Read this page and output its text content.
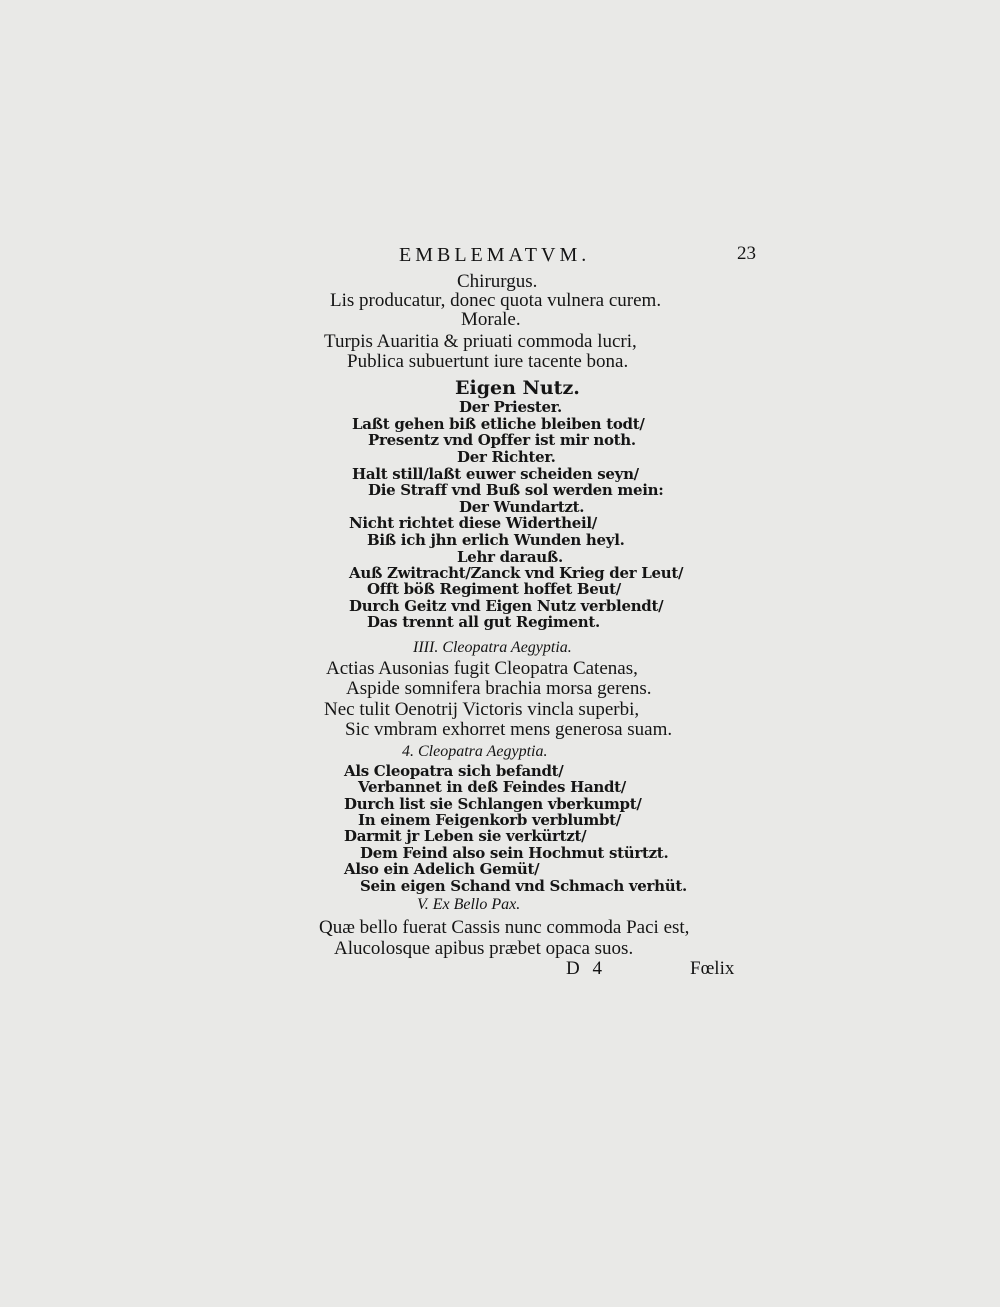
EMBLEMATVM.	23
Chirurgus.
Lis producatur, donec quota vulnera curem.
Morale.
Turpis Auaritia & priuati commoda lucri,
Publica subuertunt iure tacente bona.
Eigen Nutz.
Der Priester.
Laßt gehen biß etliche bleiben todt/
Presentz vnd Opffer ist mir noth.
Der Richter.
Halt still/laßt euwer scheiden seyn/
Die Straff vnd Buß sol werden mein:
Der Wundartzt.
Nicht richtet diese Widertheil/
Biß ich jhn erlich Wunden heyl.
Lehr darauß.
Auß Zwitracht/Zanck vnd Krieg der Leut/
Offt böß Regiment hoffet Beut/
Durch Geitz vnd Eigen Nutz verblendt/
Das trennt all gut Regiment.
IIII. Cleopatra Aegyptia.
Actias Ausonias fugit Cleopatra Catenas,
Aspide somnifera brachia morsa gerens.
Nec tulit Oenotrij Victoris vincla superbi,
Sic vmbram exhorret mens generosa suam.
4. Cleopatra Aegyptia.
Als Cleopatra sich befandt/
Verbannet in deß Feindes Handt/
Durch list sie Schlangen vberkumpt/
In einem Feigenkorb verblumbt/
Darmit jr Leben sie verkürtzt/
Dem Feind also sein Hochmut stürtzt.
Also ein Adelich Gemüt/
Sein eigen Schand vnd Schmach verhüt.
V. Ex Bello Pax.
Quæ bello fuerat Cassis nunc commoda Paci est,
Alucolosque apibus præbet opaca suos.
D 4	Fœlix
